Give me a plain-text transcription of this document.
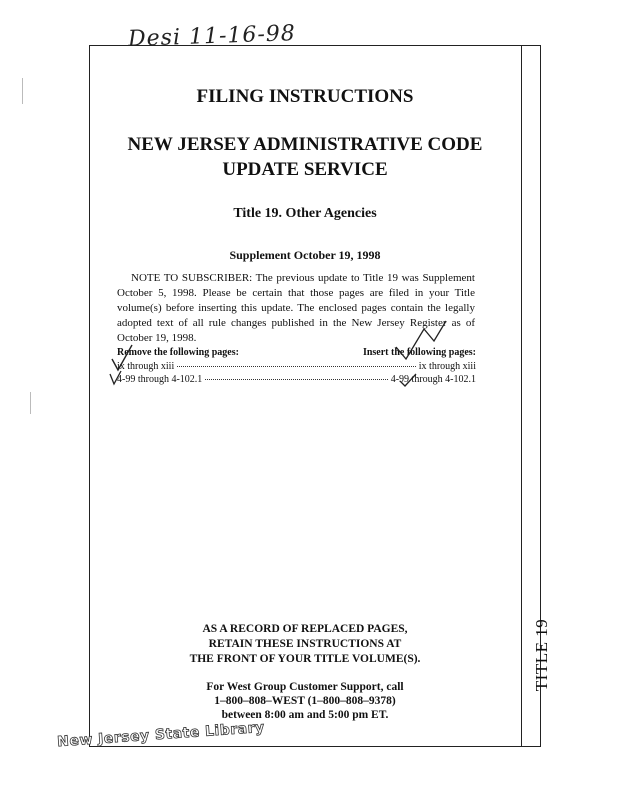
Desi 11-16-98
TITLE 19
FILING INSTRUCTIONS
NEW JERSEY ADMINISTRATIVE CODE
UPDATE SERVICE
Title 19. Other Agencies
Supplement October 19, 1998
NOTE TO SUBSCRIBER: The previous update to Title 19 was Supplement October 5, 1998. Please be certain that those pages are filed in your Title volume(s) before inserting this update. The enclosed pages contain the legally adopted text of all rule changes published in the New Jersey Register as of October 19, 1998.
Remove the following pages:	Insert the following pages:
ix through xiii	ix through xiii
4-99 through 4-102.1	4-99 through 4-102.1
AS A RECORD OF REPLACED PAGES,
RETAIN THESE INSTRUCTIONS AT
THE FRONT OF YOUR TITLE VOLUME(S).
For West Group Customer Support, call
1–800–808–WEST (1–800–808–9378)
between 8:00 am and 5:00 pm ET.
New Jersey State Library
